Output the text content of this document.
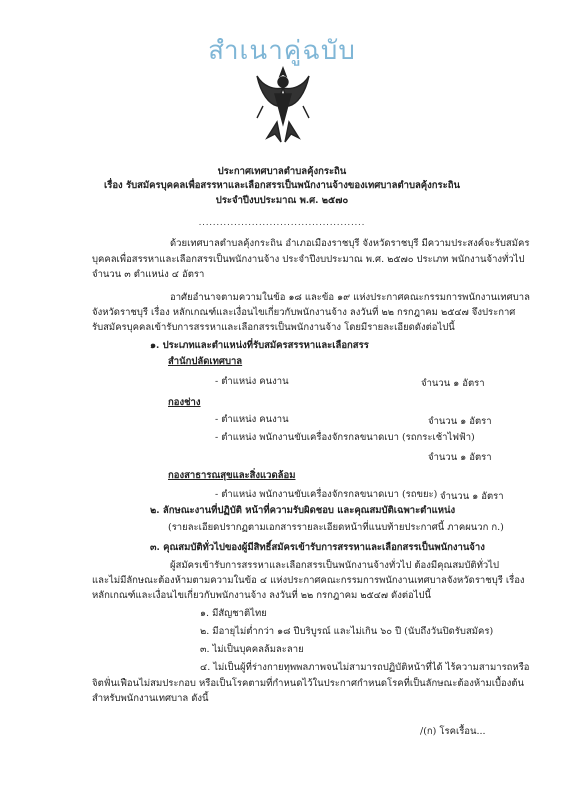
สำเนาคู่ฉบับ
ประกาศเทศบาลตำบลคุ้งกระถิน
เรื่อง รับสมัครบุคคลเพื่อสรรหาและเลือกสรรเป็นพนักงานจ้างของเทศบาลตำบลคุ้งกระถิน
ประจำปีงบประมาณ พ.ศ. ๒๕๗๐
...............................................
ด้วยเทศบาลตำบลคุ้งกระถิน อำเภอเมืองราชบุรี จังหวัดราชบุรี มีความประสงค์จะรับสมัคร
บุคคลเพื่อสรรหาและเลือกสรรเป็นพนักงานจ้าง ประจำปีงบประมาณ พ.ศ. ๒๕๗๐ ประเภท พนักงานจ้างทั่วไป
จำนวน ๓ ตำแหน่ง ๔ อัตรา
อาศัยอำนาจตามความในข้อ ๑๘ และข้อ ๑๙ แห่งประกาศคณะกรรมการพนักงานเทศบาล
จังหวัดราชบุรี เรื่อง หลักเกณฑ์และเงื่อนไขเกี่ยวกับพนักงานจ้าง ลงวันที่ ๒๒ กรกฎาคม ๒๕๔๗ จึงประกาศ
รับสมัครบุคคลเข้ารับการสรรหาและเลือกสรรเป็นพนักงานจ้าง โดยมีรายละเอียดดังต่อไปนี้
๑. ประเภทและตำแหน่งที่รับสมัครสรรหาและเลือกสรร
สำนักปลัดเทศบาล
- ตำแหน่ง คนงาน	จำนวน ๑ อัตรา
กองช่าง
- ตำแหน่ง คนงาน	จำนวน ๑ อัตรา
- ตำแหน่ง พนักงานขับเครื่องจักรกลขนาดเบา (รถกระเช้าไฟฟ้า)
จำนวน ๑ อัตรา
กองสาธารณสุขและสิ่งแวดล้อม
- ตำแหน่ง พนักงานขับเครื่องจักรกลขนาดเบา (รถขยะ) จำนวน ๑ อัตรา
๒. ลักษณะงานที่ปฏิบัติ หน้าที่ความรับผิดชอบ และคุณสมบัติเฉพาะตำแหน่ง
(รายละเอียดปรากฏตามเอกสารรายละเอียดหน้าที่แนบท้ายประกาศนี้ ภาคผนวก ก.)
๓. คุณสมบัติทั่วไปของผู้มีสิทธิ์สมัครเข้ารับการสรรหาและเลือกสรรเป็นพนักงานจ้าง
ผู้สมัครเข้ารับการสรรหาและเลือกสรรเป็นพนักงานจ้างทั่วไป ต้องมีคุณสมบัติทั่วไป
และไม่มีลักษณะต้องห้ามตามความในข้อ ๔ แห่งประกาศคณะกรรมการพนักงานเทศบาลจังหวัดราชบุรี เรื่อง
หลักเกณฑ์และเงื่อนไขเกี่ยวกับพนักงานจ้าง ลงวันที่ ๒๒ กรกฎาคม ๒๕๔๗ ดังต่อไปนี้
๑. มีสัญชาติไทย
๒. มีอายุไม่ต่ำกว่า ๑๘ ปีบริบูรณ์ และไม่เกิน ๖๐ ปี (นับถึงวันปิดรับสมัคร)
๓. ไม่เป็นบุคคลล้มละลาย
๔. ไม่เป็นผู้ที่ร่างกายทุพพลภาพจนไม่สามารถปฏิบัติหน้าที่ได้ ไร้ความสามารถหรือ
จิตฟั่นเฟือนไม่สมประกอบ หรือเป็นโรคตามที่กำหนดไว้ในประกาศกำหนดโรคที่เป็นลักษณะต้องห้ามเบื้องต้น
สำหรับพนักงานเทศบาล ดังนี้
/(ก) โรคเรื้อน...
